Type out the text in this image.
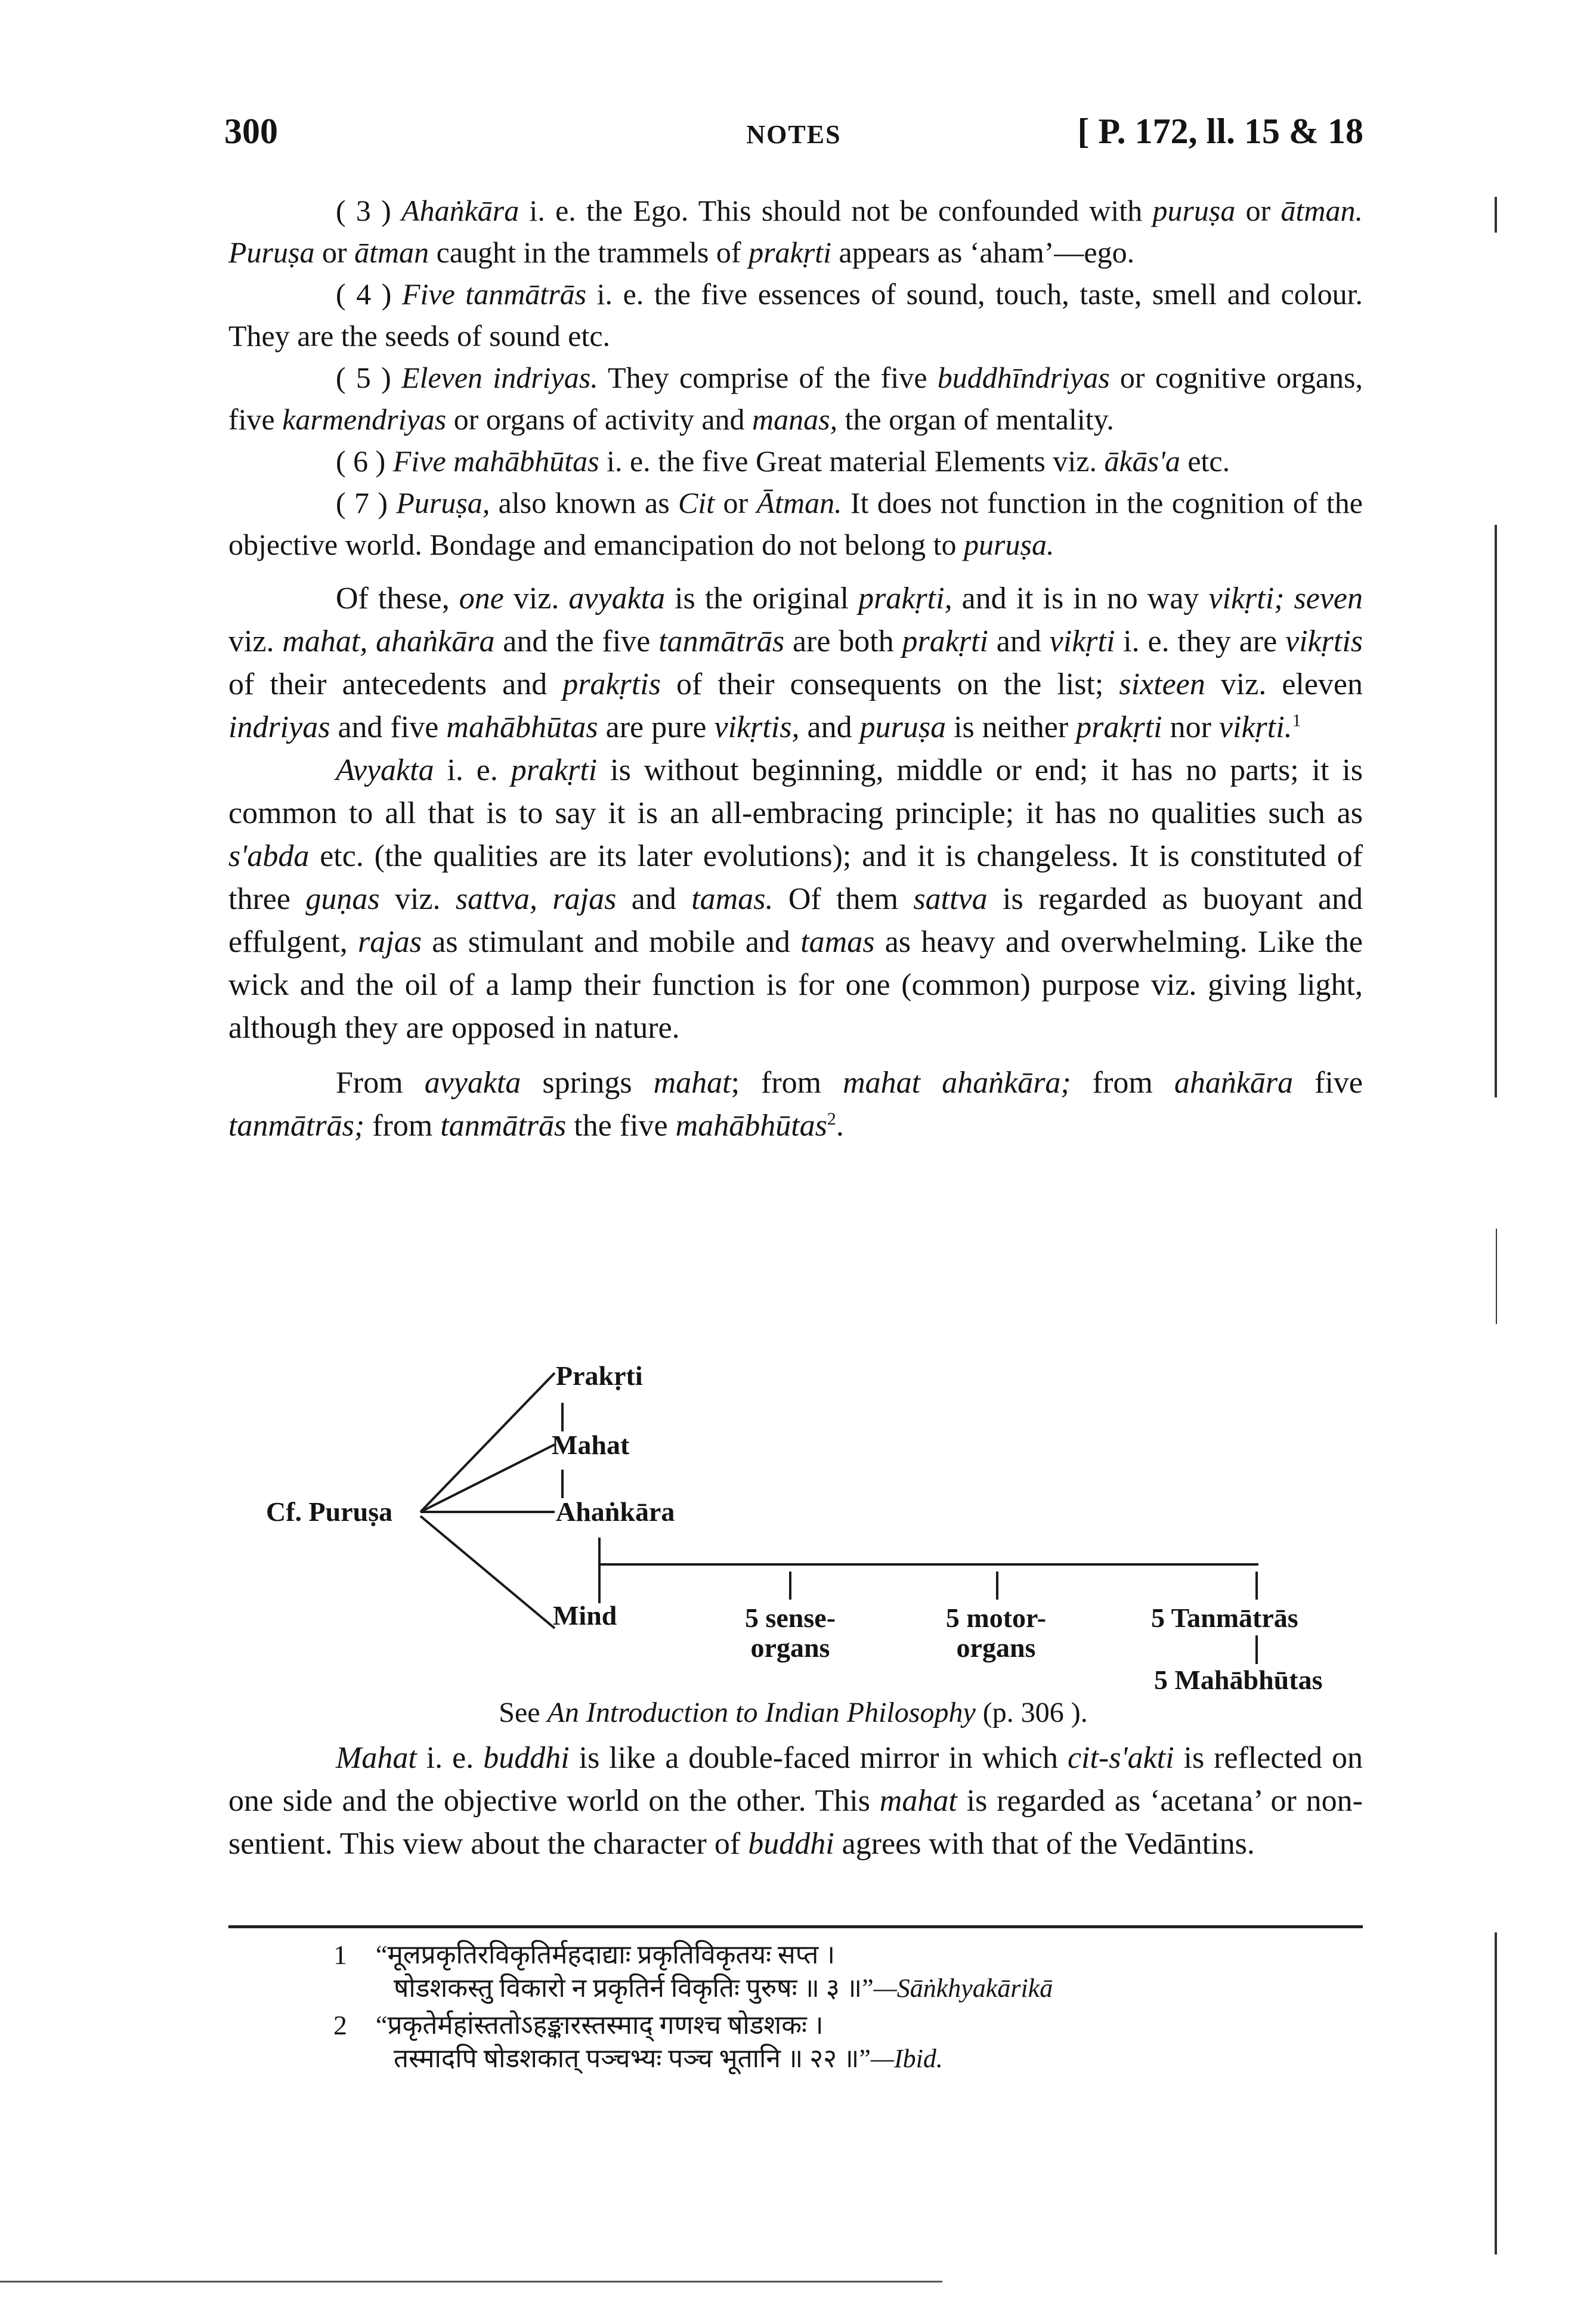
300	NOTES	[ P. 172, ll. 15 & 18

( 3 ) Ahaṅkāra i. e. the Ego. This should not be confounded with puruṣa or ātman. Puruṣa or ātman caught in the trammels of prakṛti appears as ‘aham’—ego.

( 4 ) Five tanmātrās i. e. the five essences of sound, touch, taste, smell and colour. They are the seeds of sound etc.

( 5 ) Eleven indriyas. They comprise of the five buddhīndriyas or cognitive organs, five karmendriyas or organs of activity and manas, the organ of mentality.

( 6 ) Five mahābhūtas i. e. the five Great material Elements viz. ākās'a etc.

( 7 ) Puruṣa, also known as Cit or Ātman. It does not function in the cognition of the objective world. Bondage and emancipation do not belong to puruṣa.

Of these, one viz. avyakta is the original prakṛti, and it is in no way vikṛti; seven viz. mahat, ahaṅkāra and the five tanmātrās are both prakṛti and vikṛti i. e. they are vikṛtis of their antecedents and prakṛtis of their consequents on the list; sixteen viz. eleven indriyas and five mahābhūtas are pure vikṛtis, and puruṣa is neither prakṛti nor vikṛti.$^1$

Avyakta i. e. prakṛti is without beginning, middle or end; it has no parts; it is common to all that is to say it is an all-embracing principle; it has no qualities such as s'abda etc. (the qualities are its later evolutions); and it is changeless. It is constituted of three guṇas viz. sattva, rajas and tamas. Of them sattva is regarded as buoyant and effulgent, rajas as stimulant and mobile and tamas as heavy and overwhelming. Like the wick and the oil of a lamp their function is for one (common) purpose viz. giving light, although they are opposed in nature.

From avyakta springs mahat; from mahat ahaṅkāra; from ahaṅkāra five tanmātrās; from tanmātrās the five mahābhūtas$^2$.

Cf. Puruṣa
Prakṛti
Mahat
Ahaṅkāra
Mind	5 sense-
organs
5 motor-
organs
5 Tanmātrās
5 Mahābhūtas
See An Introduction to Indian Philosophy (p. 306 ).

Mahat i. e. buddhi is like a double-faced mirror in which cit-s'akti is reflected on one side and the objective world on the other. This mahat is regarded as ‘acetana’ or non-sentient. This view about the character of buddhi agrees with that of the Vedāntins.

1 “मूलप्रकृतिरविकृतिर्महदाद्याः प्रकृतिविकृतयः सप्त ।
षोडशकस्तु विकारो न प्रकृतिर्न विकृतिः पुरुषः ॥ ३ ॥”—Sāṅkhyakārikā
2 “प्रकृतेर्महांस्ततोऽहङ्कारस्तस्माद् गणश्च षोडशकः ।
तस्मादपि षोडशकात् पञ्चभ्यः पञ्च भूतानि ॥ २२ ॥”—Ibid.
